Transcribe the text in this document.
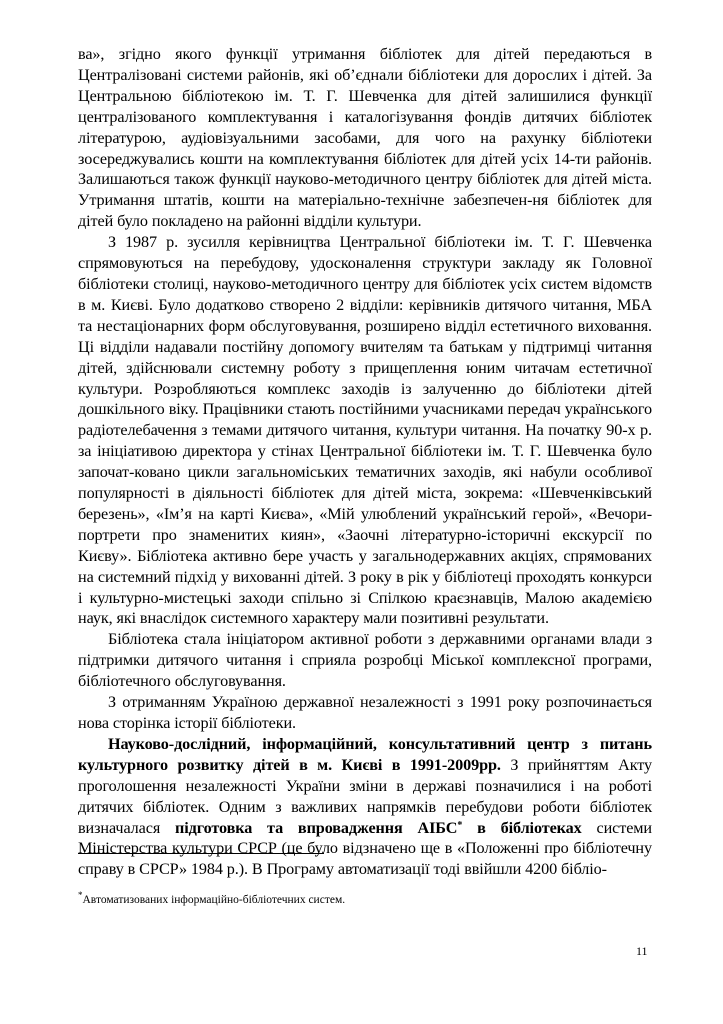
ва», згідно якого функції утримання бібліотек для дітей передаються в Централізовані системи районів, які об’єднали бібліотеки для дорослих і дітей. За Центральною бібліотекою ім. Т. Г. Шевченка для дітей залишилися функції централізованого комплектування і каталогізування фондів дитячих бібліотек літературою, аудіовізуальними засобами, для чого на рахунку бібліотеки зосереджувались кошти на комплектування бібліотек для дітей усіх 14-ти районів. Залишаються також функції науково-методичного центру бібліотек для дітей міста. Утримання штатів, кошти на матеріально-технічне забезпечен-ня бібліотек для дітей було покладено на районні відділи культури.

З 1987 р. зусилля керівництва Центральної бібліотеки ім. Т. Г. Шевченка спрямовуються на перебудову, удосконалення структури закладу як Головної бібліотеки столиці, науково-методичного центру для бібліотек усіх систем відомств в м. Києві. Було додатково створено 2 відділи: керівників дитячого читання, МБА та нестаціонарних форм обслуговування, розширено відділ естетичного виховання. Ці відділи надавали постійну допомогу вчителям та батькам у підтримці читання дітей, здійснювали системну роботу з прищеплення юним читачам естетичної культури. Розробляються комплекс заходів із залученню до бібліотеки дітей дошкільного віку. Працівники стають постійними учасниками передач українського радіотелебачення з темами дитячого читання, культури читання. На початку 90-х р. за ініціативою директора у стінах Центральної бібліотеки ім. Т. Г. Шевченка було започат-ковано цикли загальноміських тематичних заходів, які набули особливої популярності в діяльності бібліотек для дітей міста, зокрема: «Шевченківський березень», «Ім’я на карті Києва», «Мій улюблений український герой», «Вечори-портрети про знаменитих киян», «Заочні літературно-історичні екскурсії по Києву». Бібліотека активно бере участь у загальнодержавних акціях, спрямованих на системний підхід у вихованні дітей. З року в рік у бібліотеці проходять конкурси і культурно-мистецькі заходи спільно зі Спілкою краєзнавців, Малою академією наук, які внаслідок системного характеру мали позитивні результати.

Бібліотека стала ініціатором активної роботи з державними органами влади з підтримки дитячого читання і сприяла розробці Міської комплексної програми, бібліотечного обслуговування.

З отриманням Україною державної незалежності з 1991 року розпочинається нова сторінка історії бібліотеки.

Науково-дослідний, інформаційний, консультативний центр з питань культурного розвитку дітей в м. Києві в 1991-2009рр. З прийняттям Акту проголошення незалежності України зміни в державі позначилися і на роботі дитячих бібліотек. Одним з важливих напрямків перебудови роботи бібліотек визначалася підготовка та впровадження АІБС* в бібліотеках системи Міністерства культури СРСР (це було відзначено ще в «Положенні про бібліотечну справу в СРСР» 1984 р.). В Програму автоматизації тоді ввійшли 4200 бібліо-

*Автоматизованих інформаційно-бібліотечних систем.
11
